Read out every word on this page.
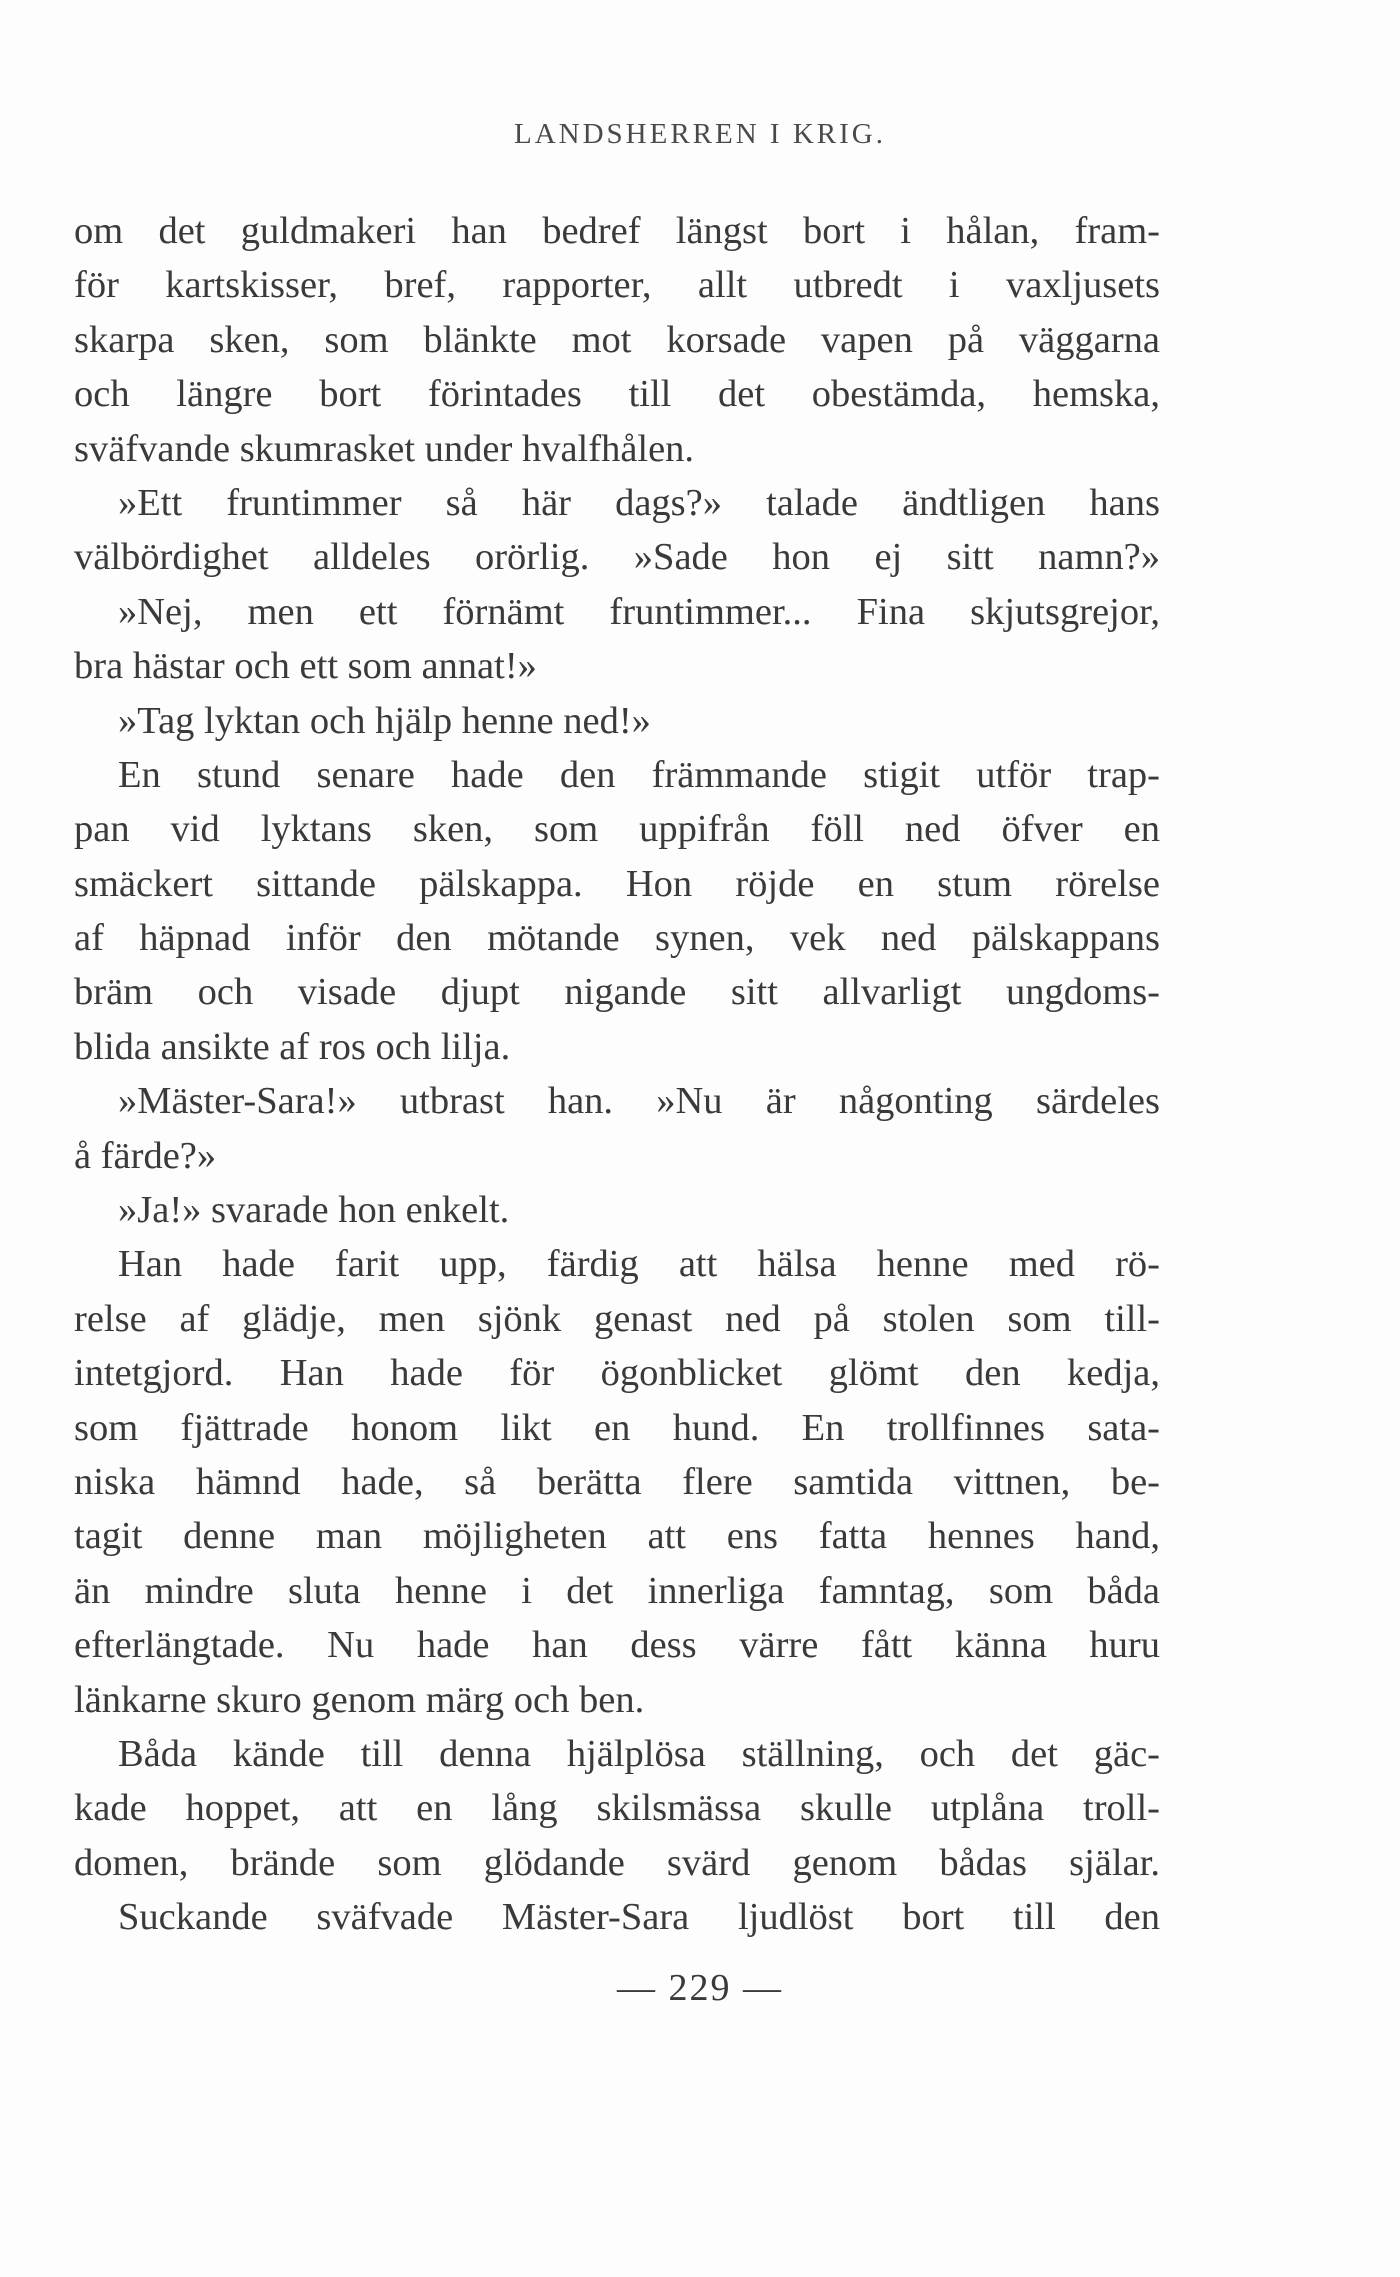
LANDSHERREN I KRIG.
om det guldmakeri han bedref längst bort i hålan, fram-
för kartskisser, bref, rapporter, allt utbredt i vaxljusets
skarpa sken, som blänkte mot korsade vapen på väggarna
och längre bort förintades till det obestämda, hemska,
sväfvande skumrasket under hvalfhålen.
»Ett fruntimmer så här dags?» talade ändtligen hans
välbördighet alldeles orörlig. »Sade hon ej sitt namn?»
»Nej, men ett förnämt fruntimmer... Fina skjutsgrejor,
bra hästar och ett som annat!»
»Tag lyktan och hjälp henne ned!»
En stund senare hade den främmande stigit utför trap-
pan vid lyktans sken, som uppifrån föll ned öfver en
smäckert sittande pälskappa. Hon röjde en stum rörelse
af häpnad inför den mötande synen, vek ned pälskappans
bräm och visade djupt nigande sitt allvarligt ungdoms-
blida ansikte af ros och lilja.
»Mäster-Sara!» utbrast han. »Nu är någonting särdeles
å färde?»
»Ja!» svarade hon enkelt.
Han hade farit upp, färdig att hälsa henne med rö-
relse af glädje, men sjönk genast ned på stolen som till-
intetgjord. Han hade för ögonblicket glömt den kedja,
som fjättrade honom likt en hund. En trollfinnes sata-
niska hämnd hade, så berätta flere samtida vittnen, be-
tagit denne man möjligheten att ens fatta hennes hand,
än mindre sluta henne i det innerliga famntag, som båda
efterlängtade. Nu hade han dess värre fått känna huru
länkarne skuro genom märg och ben.
Båda kände till denna hjälplösa ställning, och det gäc-
kade hoppet, att en lång skilsmässa skulle utplåna troll-
domen, brände som glödande svärd genom bådas själar.
Suckande sväfvade Mäster-Sara ljudlöst bort till den
— 229 —
